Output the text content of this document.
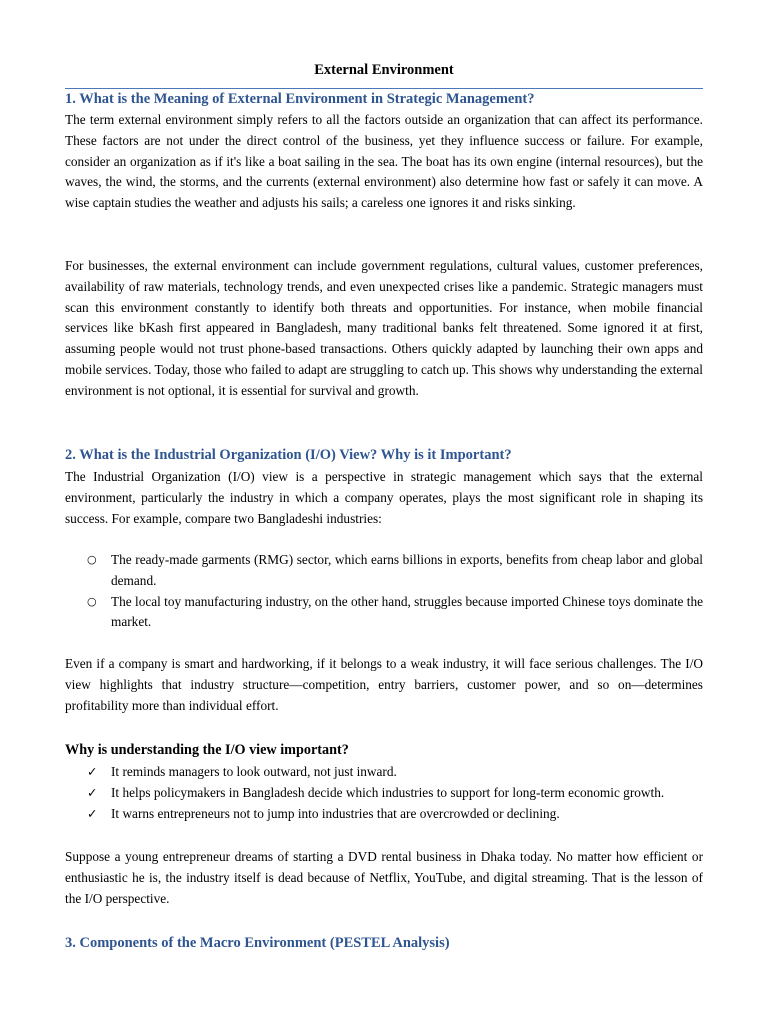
External Environment
1. What is the Meaning of External Environment in Strategic Management?

The term external environment simply refers to all the factors outside an organization that can affect its performance. These factors are not under the direct control of the business, yet they influence success or failure. For example, consider an organization as if it's like a boat sailing in the sea. The boat has its own engine (internal resources), but the waves, the wind, the storms, and the currents (external environment) also determine how fast or safely it can move. A wise captain studies the weather and adjusts his sails; a careless one ignores it and risks sinking.

For businesses, the external environment can include government regulations, cultural values, customer preferences, availability of raw materials, technology trends, and even unexpected crises like a pandemic. Strategic managers must scan this environment constantly to identify both threats and opportunities. For instance, when mobile financial services like bKash first appeared in Bangladesh, many traditional banks felt threatened. Some ignored it at first, assuming people would not trust phone-based transactions. Others quickly adapted by launching their own apps and mobile services. Today, those who failed to adapt are struggling to catch up. This shows why understanding the external environment is not optional, it is essential for survival and growth.

2. What is the Industrial Organization (I/O) View? Why is it Important?

The Industrial Organization (I/O) view is a perspective in strategic management which says that the external environment, particularly the industry in which a company operates, plays the most significant role in shaping its success. For example, compare two Bangladeshi industries:

○	The ready-made garments (RMG) sector, which earns billions in exports, benefits from cheap labor and global demand.
○	The local toy manufacturing industry, on the other hand, struggles because imported Chinese toys dominate the market.

Even if a company is smart and hardworking, if it belongs to a weak industry, it will face serious challenges. The I/O view highlights that industry structure—competition, entry barriers, customer power, and so on—determines profitability more than individual effort.

Why is understanding the I/O view important?
✓	It reminds managers to look outward, not just inward.
✓	It helps policymakers in Bangladesh decide which industries to support for long-term economic growth.
✓	It warns entrepreneurs not to jump into industries that are overcrowded or declining.

Suppose a young entrepreneur dreams of starting a DVD rental business in Dhaka today. No matter how efficient or enthusiastic he is, the industry itself is dead because of Netflix, YouTube, and digital streaming. That is the lesson of the I/O perspective.

3. Components of the Macro Environment (PESTEL Analysis)
